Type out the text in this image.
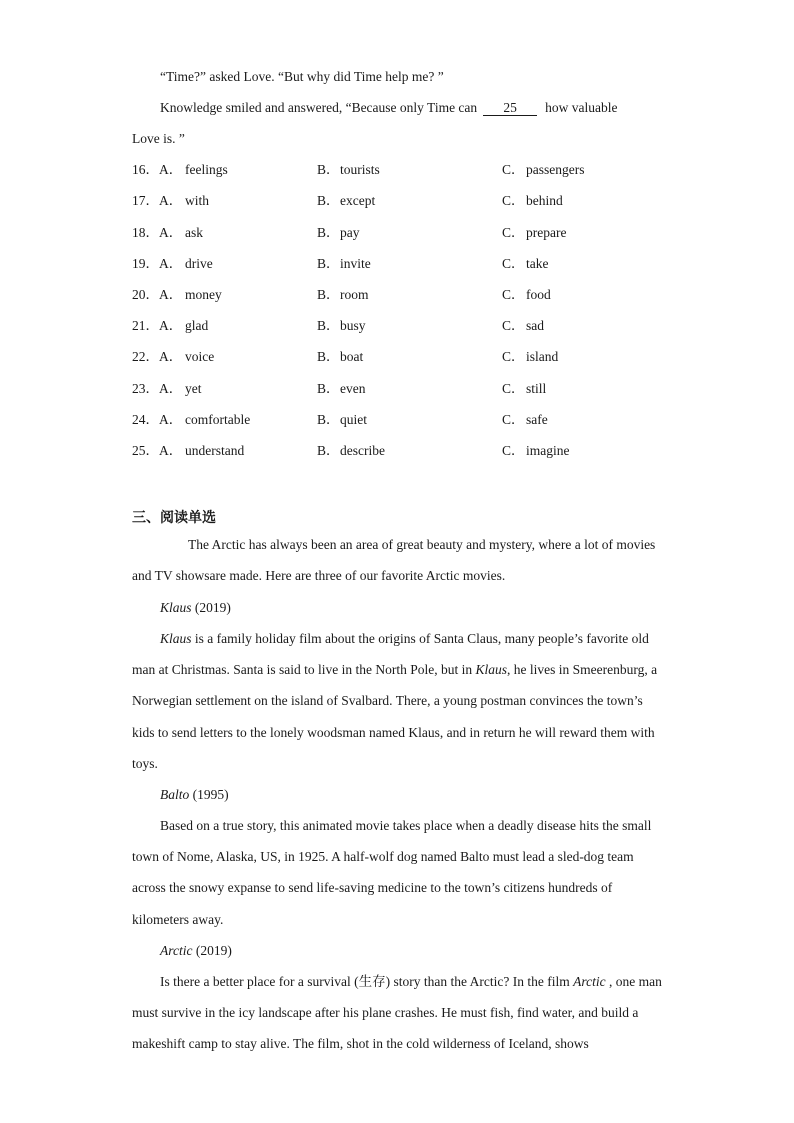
“Time?” asked Love. “But why did Time help me? ”
Knowledge smiled and answered, “Because only Time can 25 how valuable
Love is. ”
16．A． feelings	B． tourists	C． passengers
17．A． with	B． except	C． behind
18．A． ask	B． pay	C． prepare
19．A． drive	B． invite	C． take
20．A． money	B． room	C． food
21．A． glad	B． busy	C． sad
22．A． voice	B． boat	C． island
23．A． yet	B． even	C． still
24．A． comfortable	B． quiet	C． safe
25．A． understand	B． describe	C． imagine
三、阅读单选
The Arctic has always been an area of great beauty and mystery, where a lot of movies and TV showsare made. Here are three of our favorite Arctic movies.
Klaus (2019)
Klaus is a family holiday film about the origins of Santa Claus, many people’s favorite old man at Christmas. Santa is said to live in the North Pole, but in Klaus, he lives in Smeerenburg, a Norwegian settlement on the island of Svalbard. There, a young postman convinces the town’s kids to send letters to the lonely woodsman named Klaus, and in return he will reward them with toys.
Balto (1995)
Based on a true story, this animated movie takes place when a deadly disease hits the small town of Nome, Alaska, US, in 1925. A half-wolf dog named Balto must lead a sled-dog team across the snowy expanse to send life-saving medicine to the town’s citizens hundreds of kilometers away.
Arctic (2019)
Is there a better place for a survival (生存) story than the Arctic? In the film Arctic , one man must survive in the icy landscape after his plane crashes. He must fish, find water, and build a makeshift camp to stay alive. The film, shot in the cold wilderness of Iceland, shows
